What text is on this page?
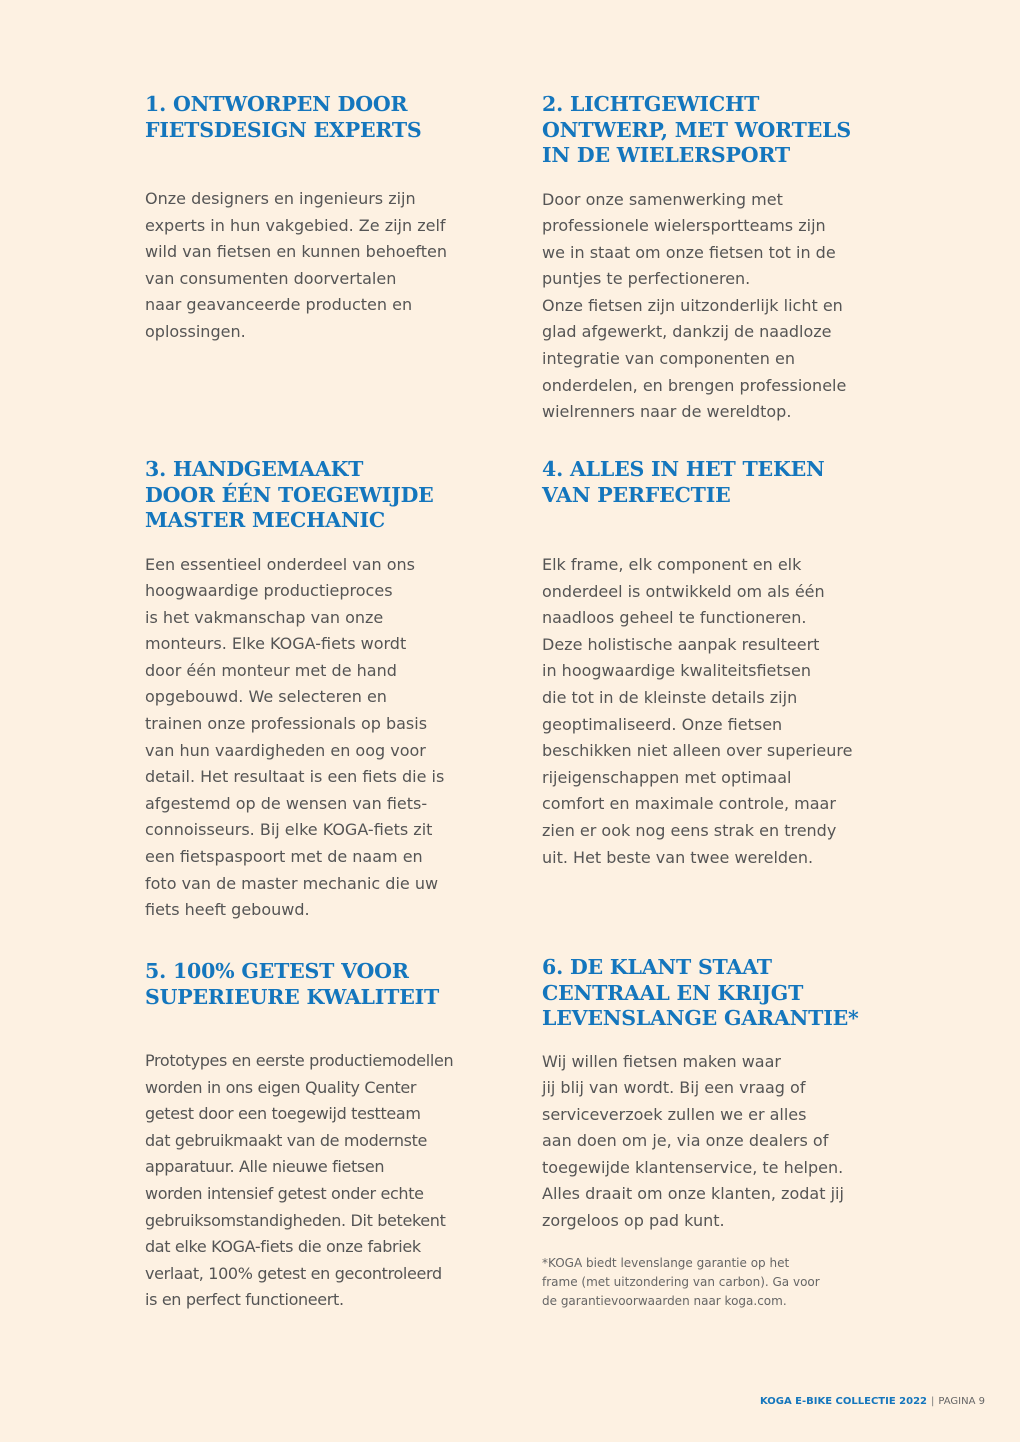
1. ONTWORPEN DOOR
FIETSDESIGN EXPERTS

Onze designers en ingenieurs zijn
experts in hun vakgebied. Ze zijn zelf
wild van fietsen en kunnen behoeften
van consumenten doorvertalen
naar geavanceerde producten en
oplossingen.

2. LICHTGEWICHT
ONTWERP, MET WORTELS
IN DE WIELERSPORT

Door onze samenwerking met
professionele wielersportteams zijn
we in staat om onze fietsen tot in de
puntjes te perfectioneren.
Onze fietsen zijn uitzonderlijk licht en
glad afgewerkt, dankzij de naadloze
integratie van componenten en
onderdelen, en brengen professionele
wielrenners naar de wereldtop.

3. HANDGEMAAKT
DOOR ÉÉN TOEGEWIJDE
MASTER MECHANIC

Een essentieel onderdeel van ons
hoogwaardige productieproces
is het vakmanschap van onze
monteurs. Elke KOGA-fiets wordt
door één monteur met de hand
opgebouwd. We selecteren en
trainen onze professionals op basis
van hun vaardigheden en oog voor
detail. Het resultaat is een fiets die is
afgestemd op de wensen van fiets-
connoisseurs. Bij elke KOGA-fiets zit
een fietspaspoort met de naam en
foto van de master mechanic die uw
fiets heeft gebouwd.

4. ALLES IN HET TEKEN
VAN PERFECTIE

Elk frame, elk component en elk
onderdeel is ontwikkeld om als één
naadloos geheel te functioneren.
Deze holistische aanpak resulteert
in hoogwaardige kwaliteitsfietsen
die tot in de kleinste details zijn
geoptimaliseerd. Onze fietsen
beschikken niet alleen over superieure
rijeigenschappen met optimaal
comfort en maximale controle, maar
zien er ook nog eens strak en trendy
uit. Het beste van twee werelden.

5. 100% GETEST VOOR
SUPERIEURE KWALITEIT

Prototypes en eerste productiemodellen
worden in ons eigen Quality Center
getest door een toegewijd testteam
dat gebruikmaakt van de modernste
apparatuur. Alle nieuwe fietsen
worden intensief getest onder echte
gebruiksomstandigheden. Dit betekent
dat elke KOGA-fiets die onze fabriek
verlaat, 100% getest en gecontroleerd
is en perfect functioneert.

6. DE KLANT STAAT
CENTRAAL EN KRIJGT
LEVENSLANGE GARANTIE*

Wij willen fietsen maken waar
jij blij van wordt. Bij een vraag of
serviceverzoek zullen we er alles
aan doen om je, via onze dealers of
toegewijde klantenservice, te helpen.
Alles draait om onze klanten, zodat jij
zorgeloos op pad kunt.

*KOGA biedt levenslange garantie op het
frame (met uitzondering van carbon). Ga voor
de garantievoorwaarden naar koga.com.

KOGA E-BIKE COLLECTIE 2022 | PAGINA 9
